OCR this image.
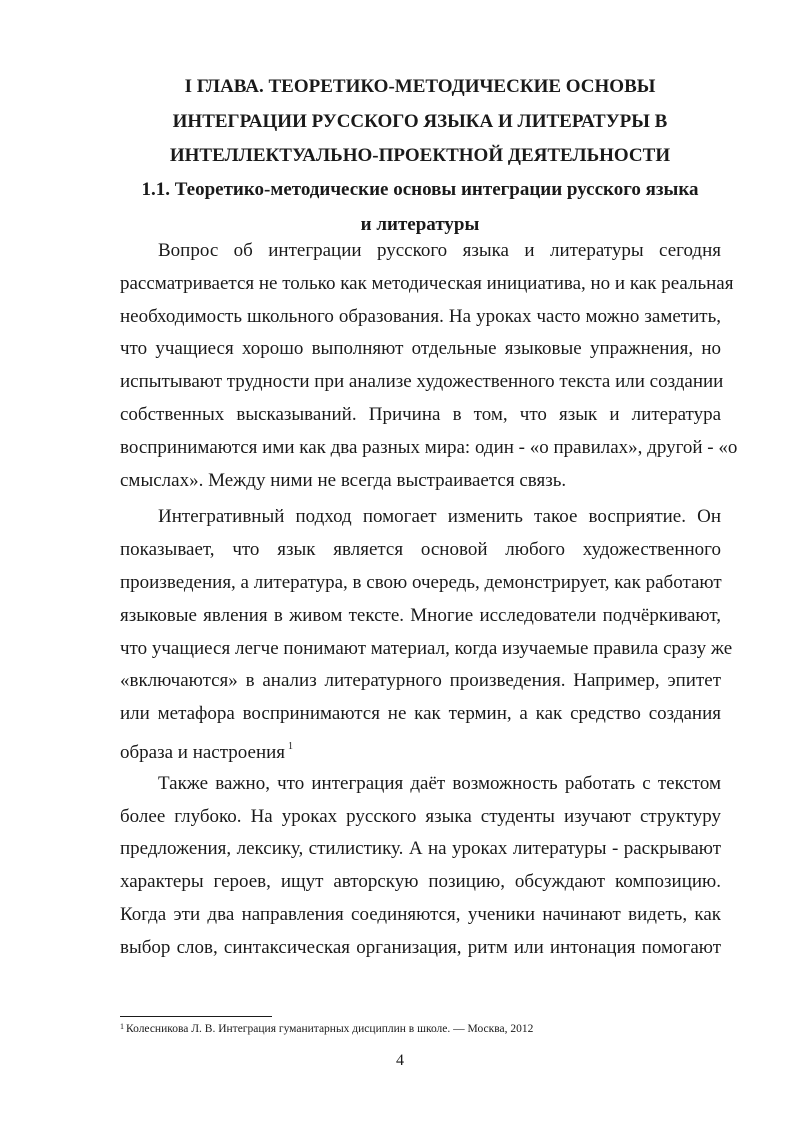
I ГЛАВА. ТЕОРЕТИКО-МЕТОДИЧЕСКИЕ ОСНОВЫ
ИНТЕГРАЦИИ РУССКОГО ЯЗЫКА И ЛИТЕРАТУРЫ В
ИНТЕЛЛЕКТУАЛЬНО-ПРОЕКТНОЙ ДЕЯТЕЛЬНОСТИ
1.1. Теоретико-методические основы интеграции русского языка
и литературы
Вопрос об интеграции русского языка и литературы сегодня
рассматривается не только как методическая инициатива, но и как реальная
необходимость школьного образования. На уроках часто можно заметить,
что учащиеся хорошо выполняют отдельные языковые упражнения, но
испытывают трудности при анализе художественного текста или создании
собственных высказываний. Причина в том, что язык и литература
воспринимаются ими как два разных мира: один - «о правилах», другой - «о
смыслах». Между ними не всегда выстраивается связь.
Интегративный подход помогает изменить такое восприятие. Он
показывает, что язык является основой любого художественного
произведения, а литература, в свою очередь, демонстрирует, как работают
языковые явления в живом тексте. Многие исследователи подчёркивают,
что учащиеся легче понимают материал, когда изучаемые правила сразу же
«включаются» в анализ литературного произведения. Например, эпитет
или метафора воспринимаются не как термин, а как средство создания
образа и настроения $^1$
Также важно, что интеграция даёт возможность работать с текстом
более глубоко. На уроках русского языка студенты изучают структуру
предложения, лексику, стилистику. А на уроках литературы - раскрывают
характеры героев, ищут авторскую позицию, обсуждают композицию.
Когда эти два направления соединяются, ученики начинают видеть, как
выбор слов, синтаксическая организация, ритм или интонация помогают
$^1$ Колесникова Л. В. Интеграция гуманитарных дисциплин в школе. — Москва, 2012
4
